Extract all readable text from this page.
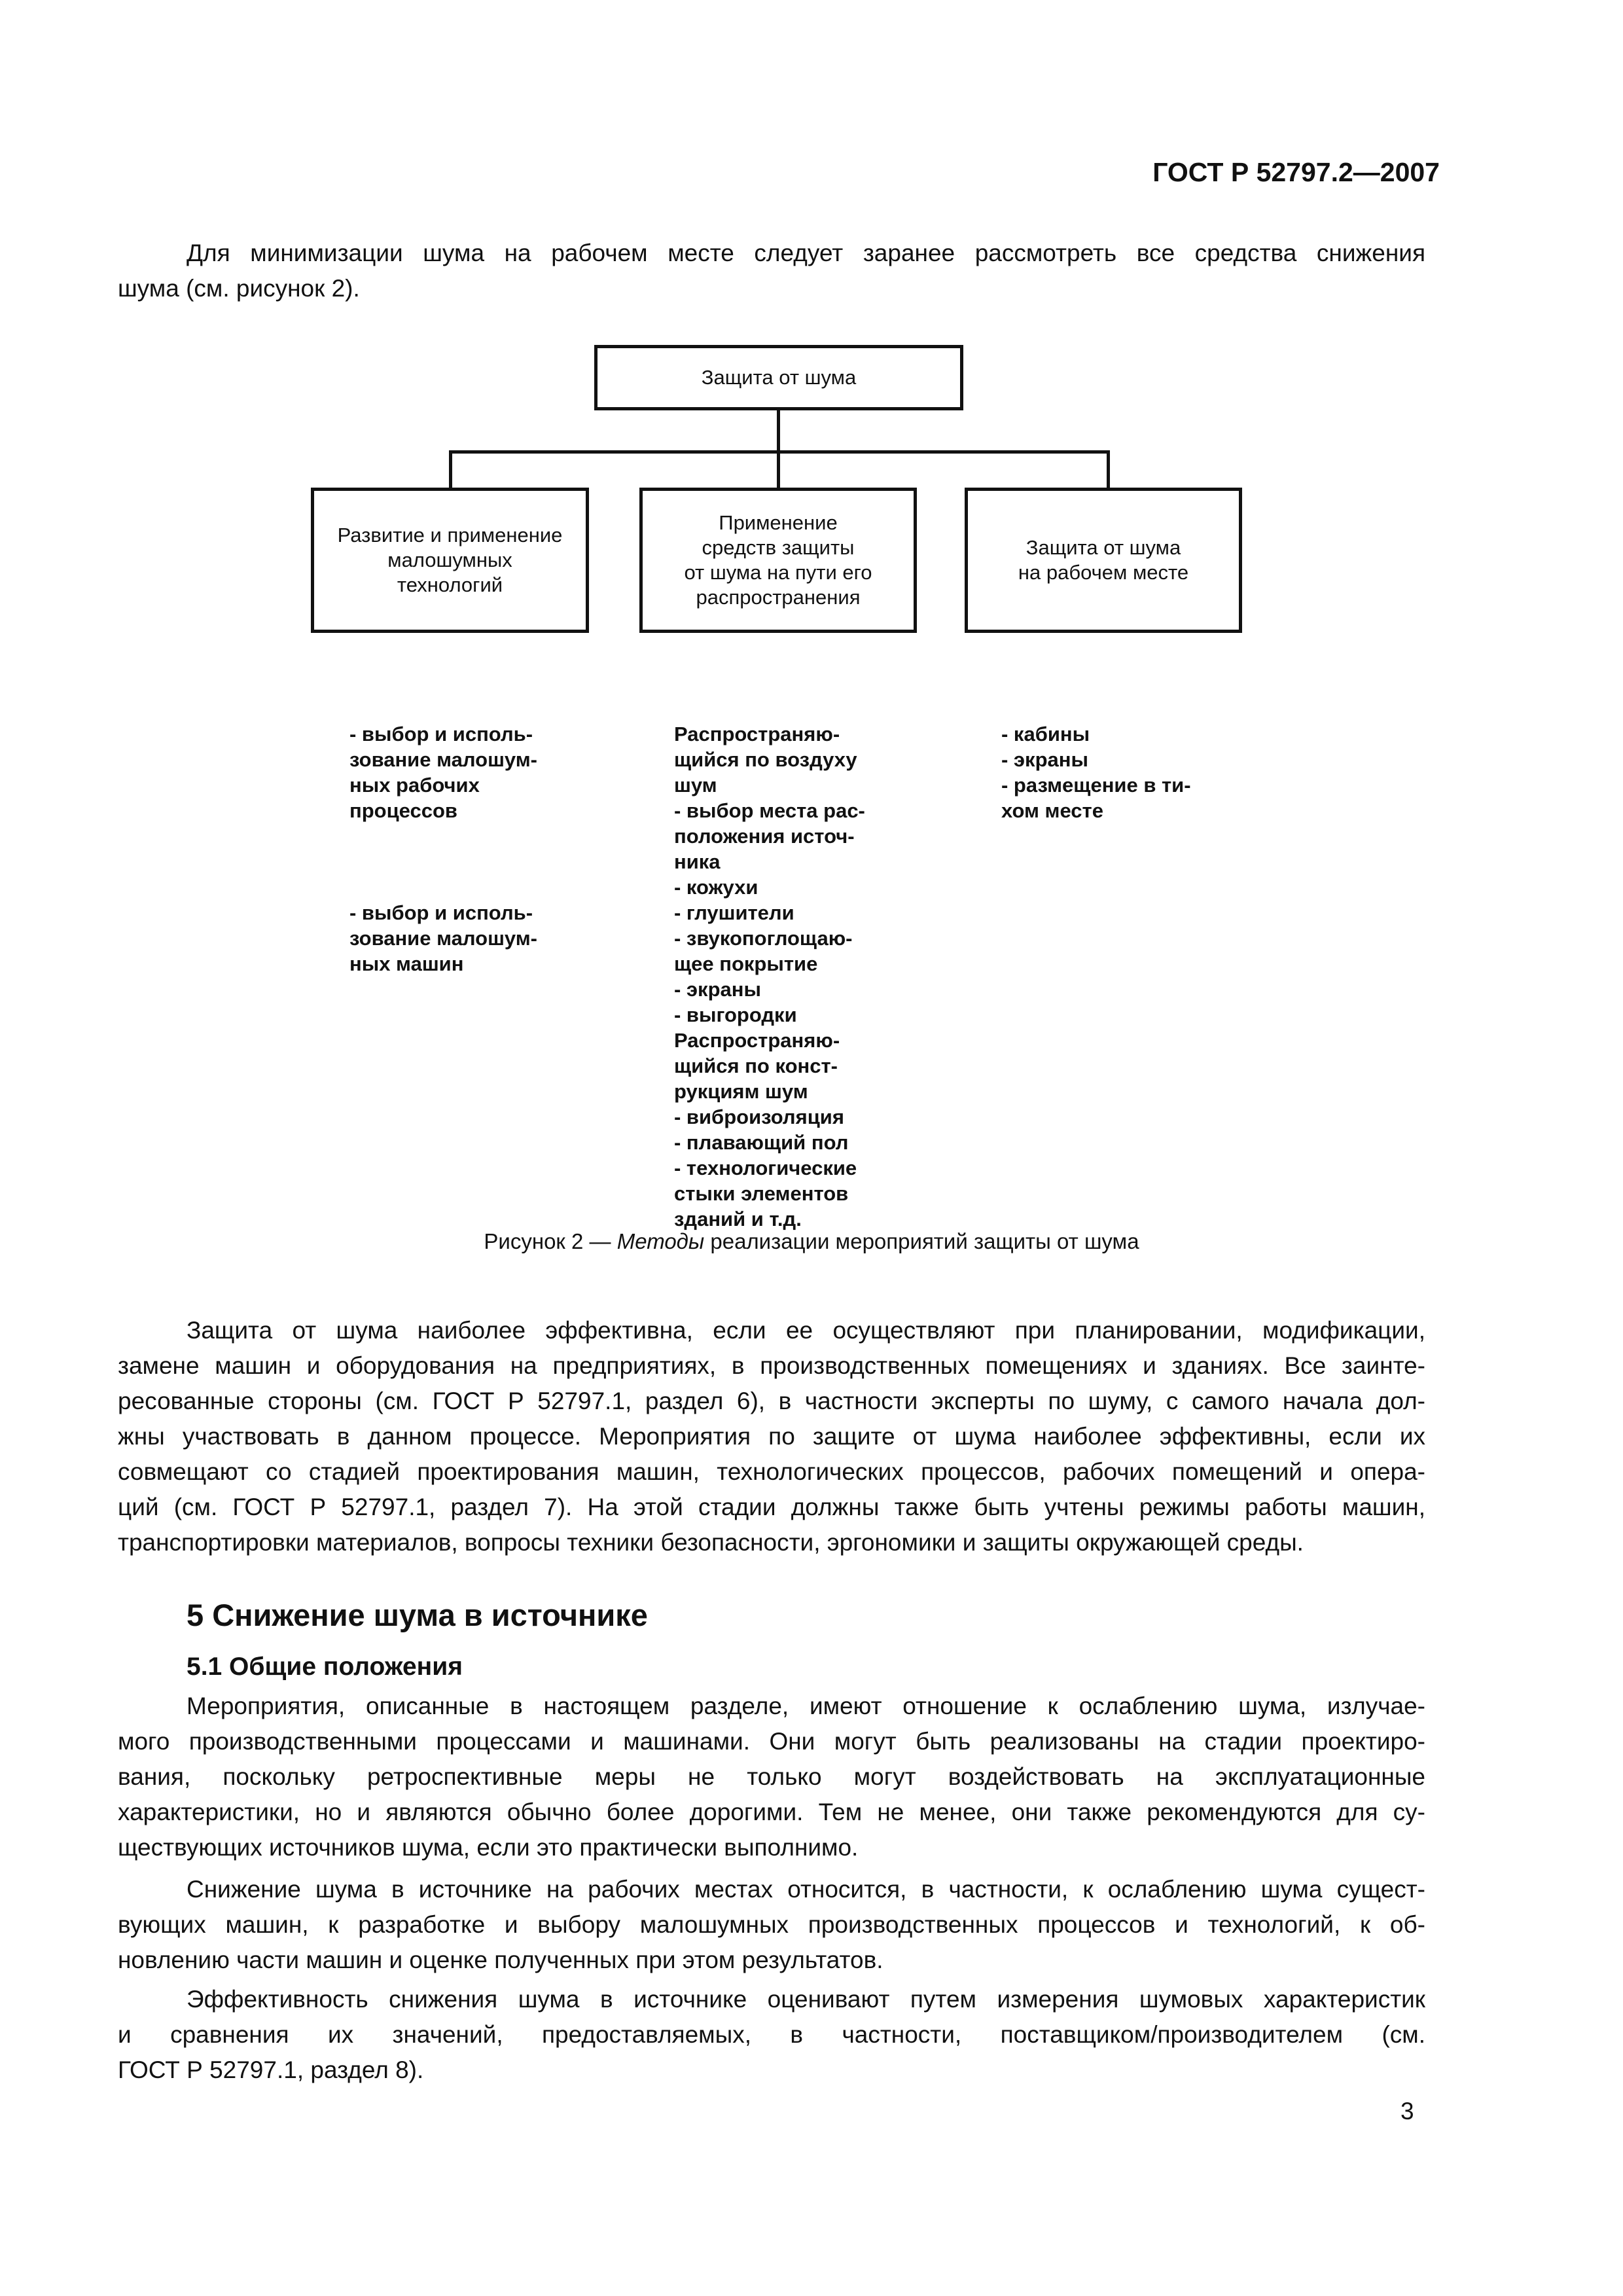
ГОСТ Р 52797.2—2007
Для минимизации шума на рабочем месте следует заранее рассмотреть все средства снижения
шума (см. рисунок 2).
Защита от шума
Развитие и применение
малошумных
технологий
Применение
средств защиты
от шума на пути его
распространения
Защита от шума
на рабочем месте

- выбор и исполь-
зование малошум-
ных рабочих
процессов

- выбор и исполь-
зование малошум-
ных машин

Распространяю-
щийся по воздуху
шум
- выбор места рас-
положения источ-
ника
- кожухи
- глушители
- звукопоглощаю-
щее покрытие
- экраны
- выгородки
Распространяю-
щийся по конст-
рукциям шум
- виброизоляция
- плавающий пол
- технологические
стыки элементов
зданий и т.д.

- кабины
- экраны
- размещение в ти-
хом месте

Рисунок 2 — Методы реализации мероприятий защиты от шума
Защита от шума наиболее эффективна, если ее осуществляют при планировании, модификации,
замене машин и оборудования на предприятиях, в производственных помещениях и зданиях. Все заинте-
ресованные стороны (см. ГОСТ Р 52797.1, раздел 6), в частности эксперты по шуму, с самого начала дол-
жны участвовать в данном процессе. Мероприятия по защите от шума наиболее эффективны, если их
совмещают со стадией проектирования машин, технологических процессов, рабочих помещений и опера-
ций (см. ГОСТ Р 52797.1, раздел 7). На этой стадии должны также быть учтены режимы работы машин,
транспортировки материалов, вопросы техники безопасности, эргономики и защиты окружающей среды.
5 Снижение шума в источнике
5.1 Общие положения
Мероприятия, описанные в настоящем разделе, имеют отношение к ослаблению шума, излучае-
мого производственными процессами и машинами. Они могут быть реализованы на стадии проектиро-
вания, поскольку ретроспективные меры не только могут воздействовать на эксплуатационные
характеристики, но и являются обычно более дорогими. Тем не менее, они также рекомендуются для су-
ществующих источников шума, если это практически выполнимо.
Снижение шума в источнике на рабочих местах относится, в частности, к ослаблению шума сущест-
вующих машин, к разработке и выбору малошумных производственных процессов и технологий, к об-
новлению части машин и оценке полученных при этом результатов.
Эффективность снижения шума в источнике оценивают путем измерения шумовых характеристик
и сравнения их значений, предоставляемых, в частности, поставщиком/производителем (см.
ГОСТ Р 52797.1, раздел 8).
3
